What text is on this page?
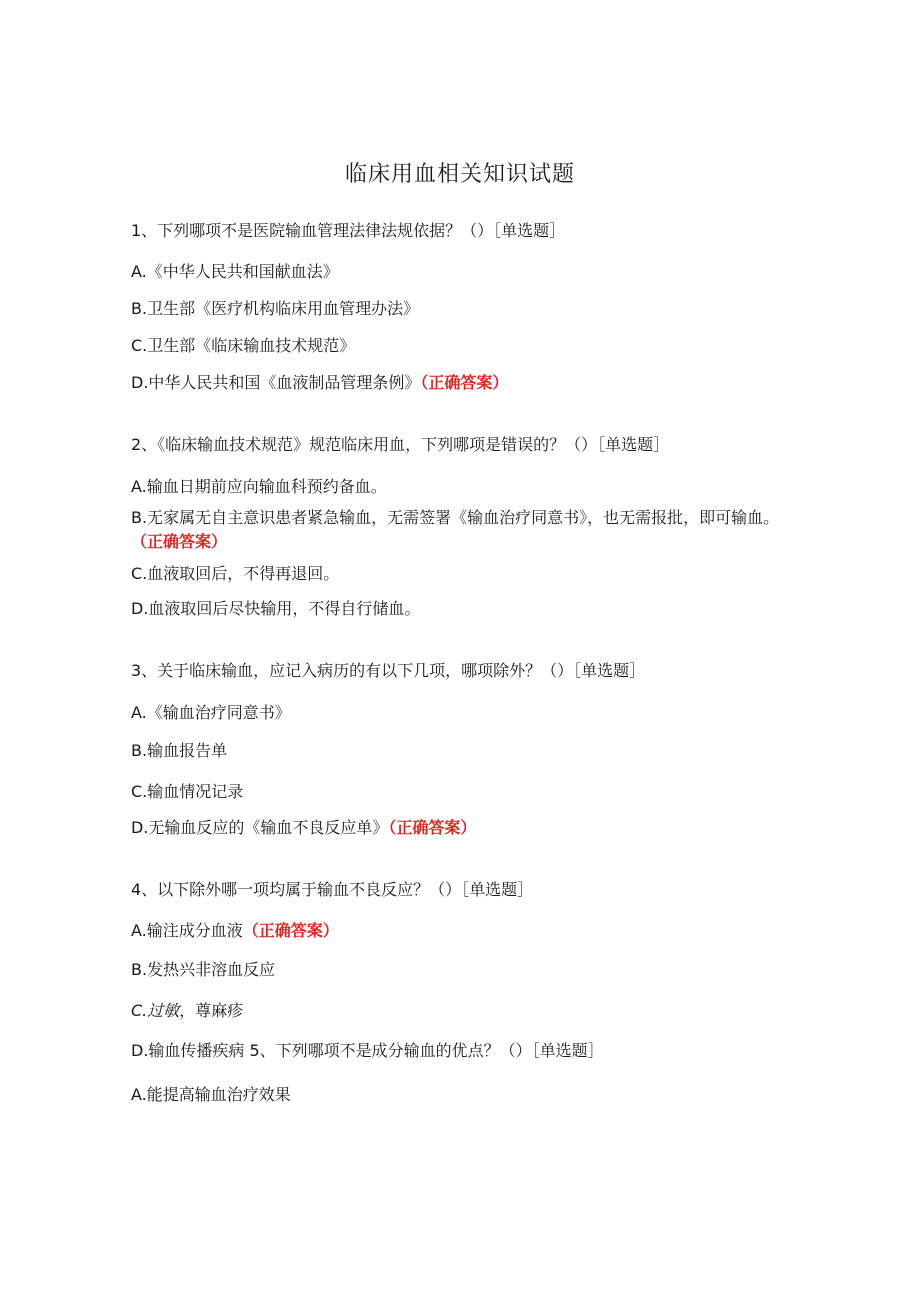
临床用血相关知识试题
1、下列哪项不是医院输血管理法律法规依据？（）［单选题］
A.《中华人民共和国献血法》
B.卫生部《医疗机构临床用血管理办法》
C.卫生部《临床输血技术规范》
D.中华人民共和国《血液制品管理条例》（正确答案）
2、《临床输血技术规范》规范临床用血，下列哪项是错误的？（）［单选题］
A.输血日期前应向输血科预约备血。
B.无家属无自主意识患者紧急输血，无需签署《输血治疗同意书》，也无需报批，即可输血。（正确答案）
C.血液取回后，不得再退回。
D.血液取回后尽快输用，不得自行储血。
3、关于临床输血，应记入病历的有以下几项，哪项除外？（）［单选题］
A.《输血治疗同意书》
B.输血报告单
C.输血情况记录
D.无输血反应的《输血不良反应单》（正确答案）
4、以下除外哪一项均属于输血不良反应？（）［单选题］
A.输注成分血液（正确答案）
B.发热兴非溶血反应
C.过敏，尊麻疹
D.输血传播疾病 5、下列哪项不是成分输血的优点？（）［单选题］
A.能提高输血治疗效果
